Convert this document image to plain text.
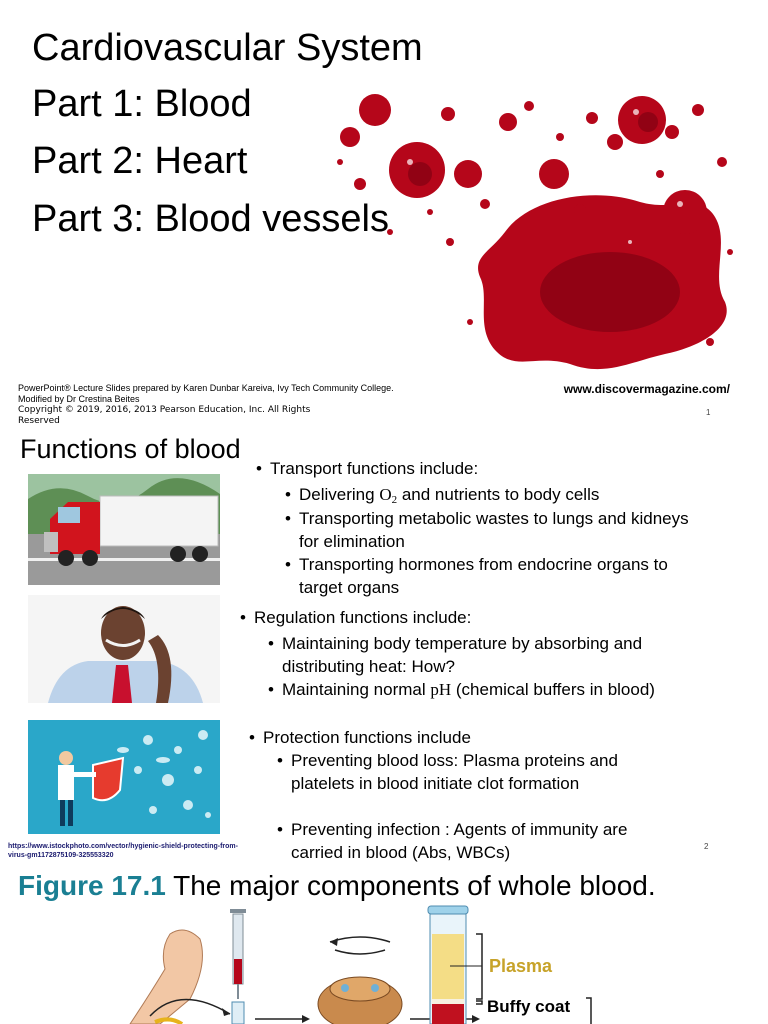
Cardiovascular System
Part 1: Blood
Part 2: Heart
Part 3: Blood vessels
PowerPoint® Lecture Slides prepared by Karen Dunbar Kareiva, Ivy Tech Community College.
Modified by Dr Crestina Beites
Copyright © 2019, 2016, 2013 Pearson Education, Inc. All Rights
Reserved
www.discovermagazine.com/
1
Functions of blood
• Transport functions include:
• Delivering $O_2$ and nutrients to body cells
• Transporting metabolic wastes to lungs and kidneys
for elimination
• Transporting hormones from endocrine organs to
target organs
• Regulation functions include:
• Maintaining body temperature by absorbing and
distributing heat: How?
• Maintaining normal pH (chemical buffers in blood)
• Protection functions include
• Preventing blood loss: Plasma proteins and
platelets in blood initiate clot formation
• Preventing infection : Agents of immunity are
carried in blood (Abs, WBCs)
https://www.istockphoto.com/vector/hygienic-shield-protecting-from-
virus-gm1172875109-325553320
2
Figure 17.1 The major components of whole blood.
Plasma
Buffy coat
